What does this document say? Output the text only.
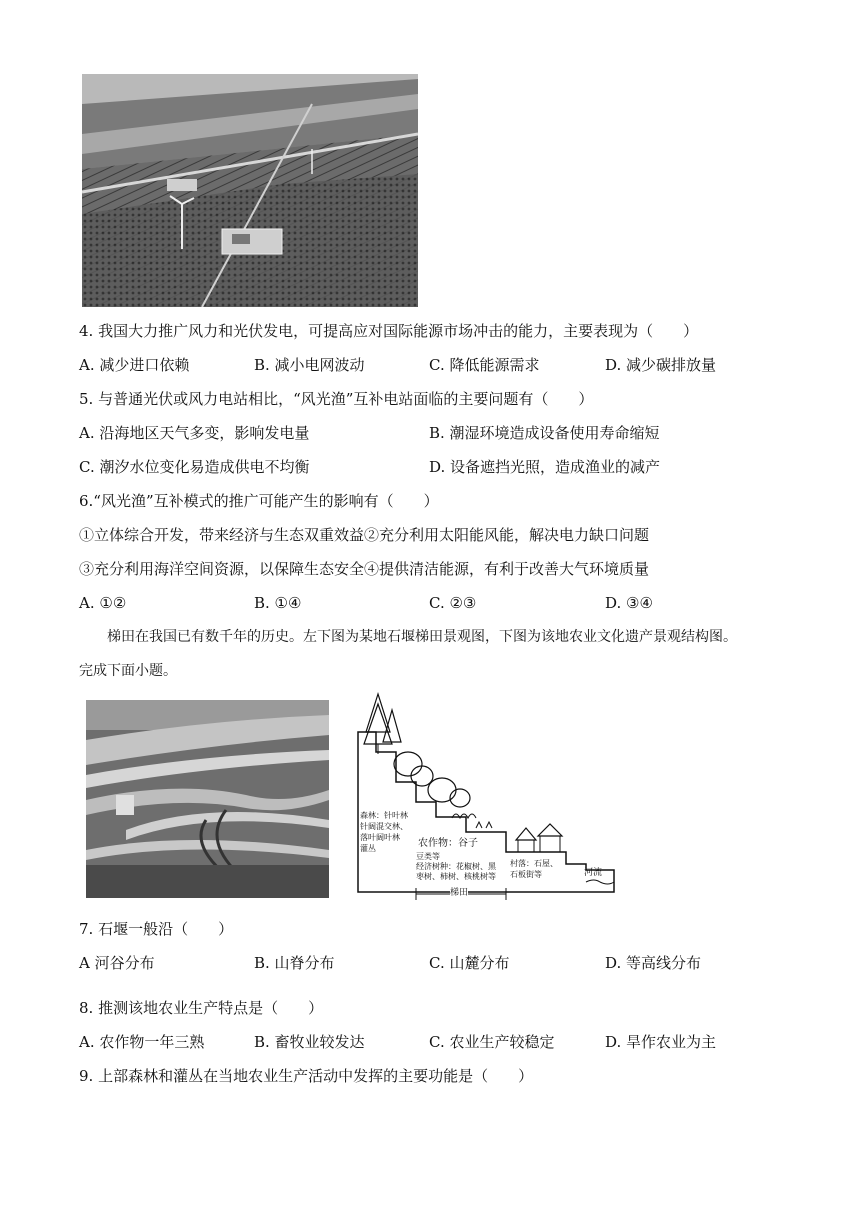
4. 我国大力推广风力和光伏发电，可提高应对国际能源市场冲击的能力，主要表现为（　　）
A. 减少进口依赖	B. 减小电网波动	C. 降低能源需求	D. 减少碳排放量
5. 与普通光伏或风力电站相比，“风光渔”互补电站面临的主要问题有（　　）
A. 沿海地区天气多变，影响发电量	B. 潮湿环境造成设备使用寿命缩短
C. 潮汐水位变化易造成供电不均衡	D. 设备遮挡光照，造成渔业的减产
6.“风光渔”互补模式的推广可能产生的影响有（　　）
①立体综合开发，带来经济与生态双重效益②充分利用太阳能风能，解决电力缺口问题
③充分利用海洋空间资源，以保障生态安全④提供清洁能源，有利于改善大气环境质量
A. ①②	B. ①④	C. ②③	D. ③④
梯田在我国已有数千年的历史。左下图为某地石堰梯田景观图，下图为该地农业文化遗产景观结构图。
完成下面小题。
森林：针叶林
针阔混交林、
落叶阔叶林
灌丛	农作物：谷子
豆类等
经济树种：花椒树、黑
枣树、柿树、核桃树等
村落：石屋、
石板街等	河流
梯田
7. 石堰一般沿（　　）
A 河谷分布	B. 山脊分布	C. 山麓分布	D. 等高线分布
8. 推测该地农业生产特点是（　　）
A. 农作物一年三熟	B. 畜牧业较发达	C. 农业生产较稳定	D. 旱作农业为主
9. 上部森林和灌丛在当地农业生产活动中发挥的主要功能是（　　）
